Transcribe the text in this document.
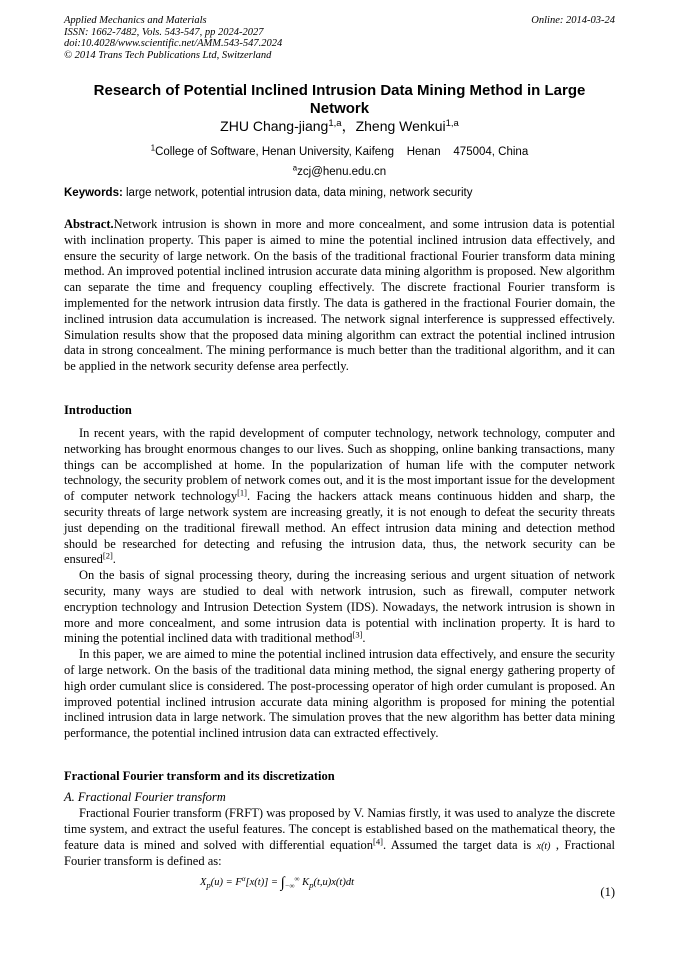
Applied Mechanics and Materials
ISSN: 1662-7482, Vols. 543-547, pp 2024-2027
doi:10.4028/www.scientific.net/AMM.543-547.2024
© 2014 Trans Tech Publications Ltd, Switzerland
Online: 2014-03-24
Research of Potential Inclined Intrusion Data Mining Method in Large Network
ZHU Chang-jiang$^{1,a}$，Zheng Wenkui$^{1,a}$
$^1$College of Software, Henan University, Kaifeng    Henan    475004, China
$^a$zcj@henu.edu.cn
Keywords: large network, potential intrusion data, data mining, network security

Abstract.Network intrusion is shown in more and more concealment, and some intrusion data is potential with inclination property. This paper is aimed to mine the potential inclined intrusion data effectively, and ensure the security of large network. On the basis of the traditional fractional Fourier transform data mining method. An improved potential inclined intrusion accurate data mining algorithm is proposed. New algorithm can separate the time and frequency coupling effectively. The discrete fractional Fourier transform is implemented for the network intrusion data firstly. The data is gathered in the fractional Fourier domain, the inclined intrusion data accumulation is increased. The network signal interference is suppressed effectively. Simulation results show that the proposed data mining algorithm can extract the potential inclined intrusion data in strong concealment. The mining performance is much better than the traditional algorithm, and it can be applied in the network security defense area perfectly.

Introduction

In recent years, with the rapid development of computer technology, network technology, computer and networking has brought enormous changes to our lives. Such as shopping, online banking transactions, many things can be accomplished at home. In the popularization of human life with the computer network technology, the security problem of network comes out, and it is the most important issue for the development of computer network technology[1]. Facing the hackers attack means continuous hidden and sharp, the security threats of large network system are increasing greatly, it is not enough to defeat the security threats just depending on the traditional firewall method. An effect intrusion data mining and detection method should be researched for detecting and refusing the intrusion data, thus, the network security can be ensured[2].

On the basis of signal processing theory, during the increasing serious and urgent situation of network security, many ways are studied to deal with network intrusion, such as firewall, computer network encryption technology and Intrusion Detection System (IDS). Nowadays, the network intrusion is shown in more and more concealment, and some intrusion data is potential with inclination property. It is hard to mining the potential inclined data with traditional method[3].

In this paper, we are aimed to mine the potential inclined intrusion data effectively, and ensure the security of large network. On the basis of the traditional data mining method, the signal energy gathering property of high order cumulant slice is considered. The post-processing operator of high order cumulant is proposed. An improved potential inclined intrusion accurate data mining algorithm is proposed for mining the potential inclined intrusion data in large network. The simulation proves that the new algorithm has better data mining performance, the potential inclined intrusion data can extracted effectively.

Fractional Fourier transform and its discretization
A. Fractional Fourier transform

Fractional Fourier transform (FRFT) was proposed by V. Namias firstly, it was used to analyze the discrete time system, and extract the useful features. The concept is established based on the mathematical theory, the feature data is mined and solved with differential equation[4]. Assumed the target data is x(t) , Fractional Fourier transform is defined as:

$X_p(u) = F^\alpha[x(t)] = \int_{-\infty}^\infty$ $K_p(t,u)x(t)dt$
(1)
